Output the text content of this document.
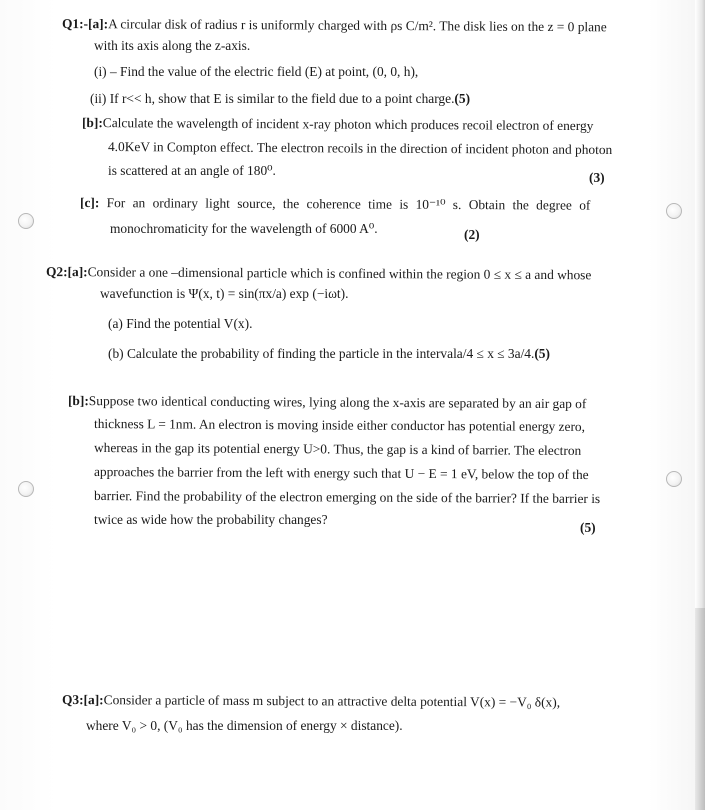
Q1:-[a]:A circular disk of radius r is uniformly charged with ρs C/m². The disk lies on the z = 0 plane
with its axis along the z-axis.
(i) – Find the value of the electric field (E) at point, (0, 0, h),
(ii) If r<< h, show that E is similar to the field due to a point charge.(5)
[b]:Calculate the wavelength of incident x-ray photon which produces recoil electron of energy
4.0KeV in Compton effect. The electron recoils in the direction of incident photon and photon
is scattered at an angle of 180⁰.	(3)
[c]: For an ordinary light source, the coherence time is 10⁻¹⁰ s. Obtain the degree of
monochromaticity for the wavelength of 6000 A⁰.	(2)
Q2:[a]:Consider a one –dimensional particle which is confined within the region 0 ≤ x ≤ a and whose
wavefunction is Ψ(x, t) = sin(πx/a) exp (−iωt).
(a) Find the potential V(x).
(b) Calculate the probability of finding the particle in the intervala/4 ≤ x ≤ 3a/4.(5)
[b]:Suppose two identical conducting wires, lying along the x-axis are separated by an air gap of
thickness L = 1nm. An electron is moving inside either conductor has potential energy zero,
whereas in the gap its potential energy U>0. Thus, the gap is a kind of barrier. The electron
approaches the barrier from the left with energy such that U − E = 1 eV, below the top of the
barrier. Find the probability of the electron emerging on the side of the barrier? If the barrier is
twice as wide how the probability changes?
(5)
Q3:[a]:Consider a particle of mass m subject to an attractive delta potential V(x) = −V₀ δ(x),
where V₀ > 0, (V₀ has the dimension of energy × distance).
